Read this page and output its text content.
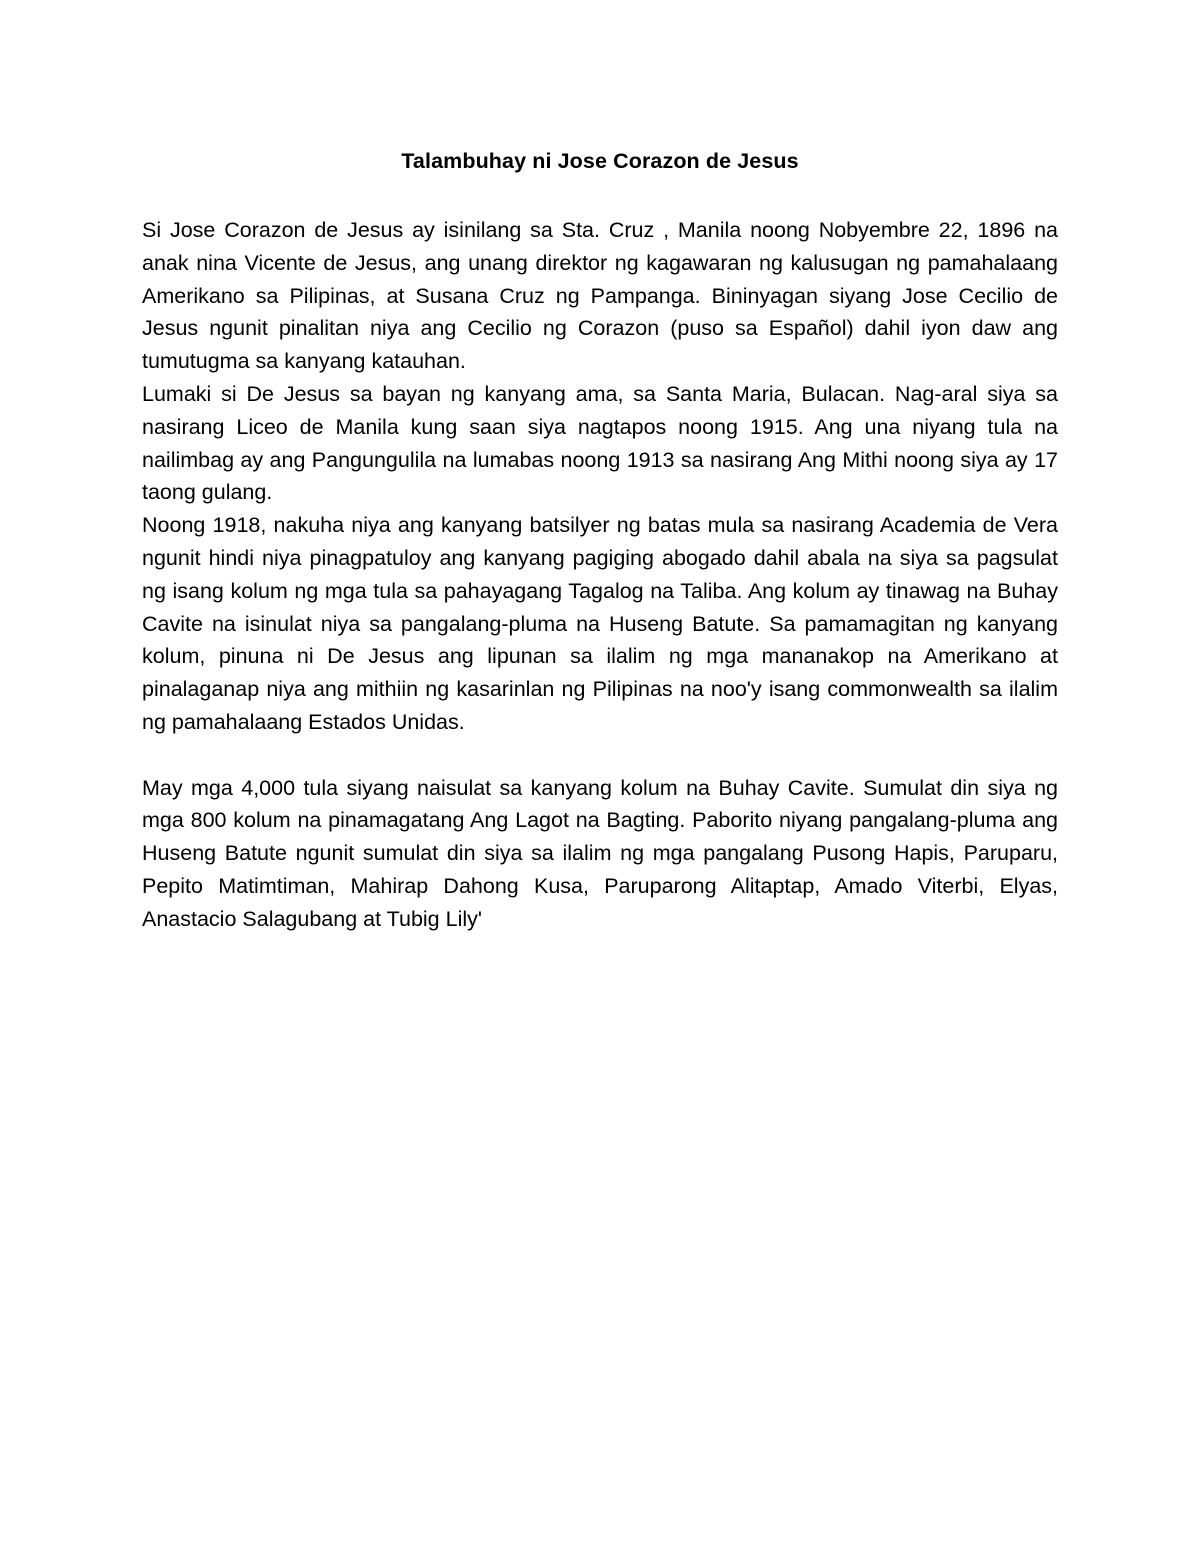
Talambuhay ni Jose Corazon de Jesus

Si Jose Corazon de Jesus ay isinilang sa Sta. Cruz , Manila noong Nobyembre 22, 1896 na anak nina Vicente de Jesus, ang unang direktor ng kagawaran ng kalusugan ng pamahalaang Amerikano sa Pilipinas, at Susana Cruz ng Pampanga. Bininyagan siyang Jose Cecilio de Jesus ngunit pinalitan niya ang Cecilio ng Corazon (puso sa Español) dahil iyon daw ang tumutugma sa kanyang katauhan.

Lumaki si De Jesus sa bayan ng kanyang ama, sa Santa Maria, Bulacan. Nag-aral siya sa nasirang Liceo de Manila kung saan siya nagtapos noong 1915. Ang una niyang tula na nailimbag ay ang Pangungulila na lumabas noong 1913 sa nasirang Ang Mithi noong siya ay 17 taong gulang.

Noong 1918, nakuha niya ang kanyang batsilyer ng batas mula sa nasirang Academia de Vera ngunit hindi niya pinagpatuloy ang kanyang pagiging abogado dahil abala na siya sa pagsulat ng isang kolum ng mga tula sa pahayagang Tagalog na Taliba. Ang kolum ay tinawag na Buhay Cavite na isinulat niya sa pangalang-pluma na Huseng Batute. Sa pamamagitan ng kanyang kolum, pinuna ni De Jesus ang lipunan sa ilalim ng mga mananakop na Amerikano at pinalaganap niya ang mithiin ng kasarinlan ng Pilipinas na noo'y isang commonwealth sa ilalim ng pamahalaang Estados Unidas.

May mga 4,000 tula siyang naisulat sa kanyang kolum na Buhay Cavite. Sumulat din siya ng mga 800 kolum na pinamagatang Ang Lagot na Bagting. Paborito niyang pangalang-pluma ang Huseng Batute ngunit sumulat din siya sa ilalim ng mga pangalang Pusong Hapis, Paruparu, Pepito Matimtiman, Mahirap Dahong Kusa, Paruparong Alitaptap, Amado Viterbi, Elyas, Anastacio Salagubang at Tubig Lily'
